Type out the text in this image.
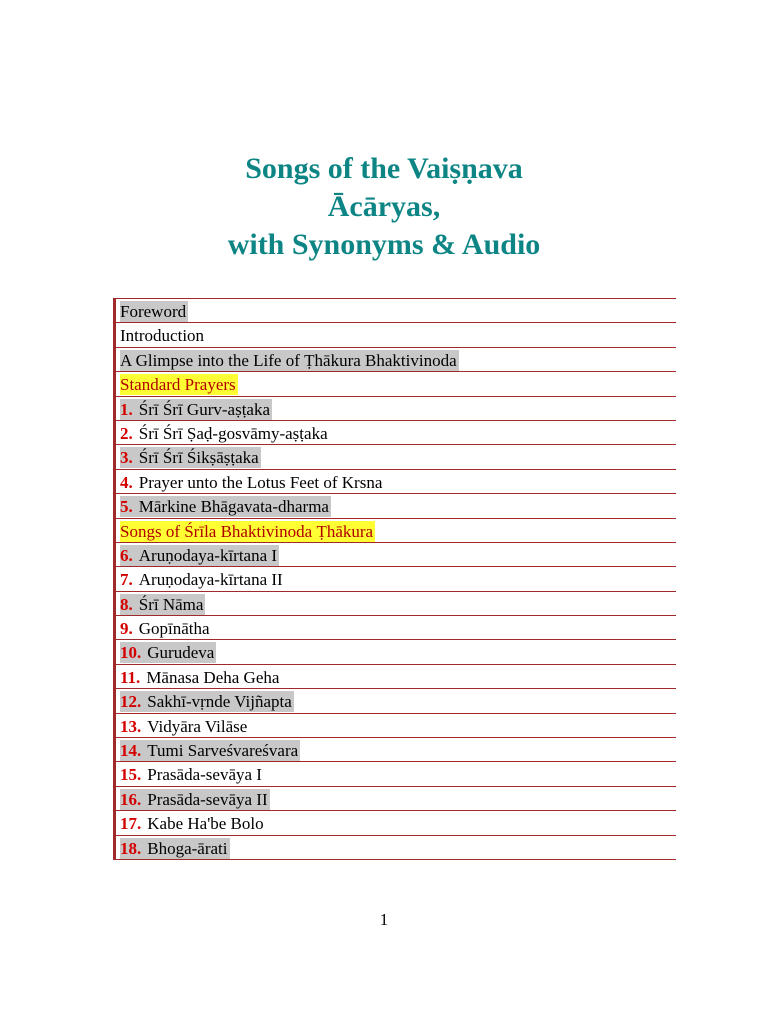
Songs of the Vaiṣṇava
Ācāryas,
with Synonyms & Audio
Foreword
Introduction
A Glimpse into the Life of Ṭhākura Bhaktivinoda
Standard Prayers
1. Śrī Śrī Gurv-aṣṭaka
2. Śrī Śrī Ṣaḍ-gosvāmy-aṣṭaka
3. Śrī Śrī Śikṣāṣṭaka
4. Prayer unto the Lotus Feet of Krsna
5. Mārkine Bhāgavata-dharma
Songs of Śrīla Bhaktivinoda Ṭhākura
6. Aruṇodaya-kīrtana I
7. Aruṇodaya-kīrtana II
8. Śrī Nāma
9. Gopīnātha
10. Gurudeva
11. Mānasa Deha Geha
12. Sakhī-vṛnde Vijñapta
13. Vidyāra Vilāse
14. Tumi Sarveśvareśvara
15. Prasāda-sevāya I
16. Prasāda-sevāya II
17. Kabe Ha'be Bolo
18. Bhoga-ārati
1
